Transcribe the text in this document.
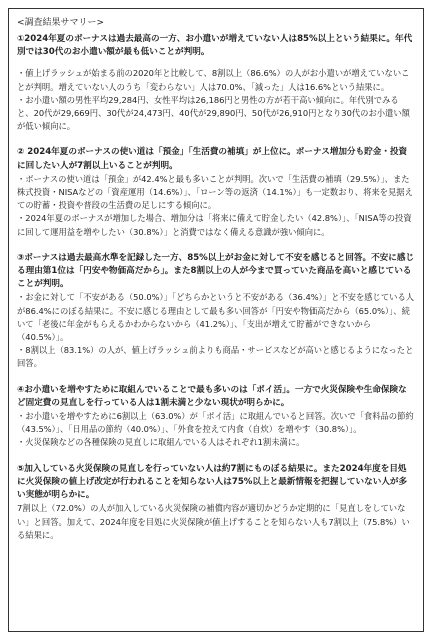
<調査結果サマリー>

①2024年夏のボーナスは過去最高の一方、お小遣いが増えていない人は85%以上という結果に。年代別では30代のお小遣い額が最も低いことが判明。

・値上げラッシュが始まる前の2020年と比較して、8割以上（86.6%）の人がお小遣いが増えていないことが判明。増えていない人のうち「変わらない」人は70.0%、「減った」人は16.6%という結果に。

・お小遣い額の男性平均29,284円、女性平均は26,186円と男性の方が若干高い傾向に。年代別でみると、20代が29,669円、30代が24,473円、40代が29,890円、50代が26,910円となり30代のお小遣い額が低い傾向に。

② 2024年夏のボーナスの使い道は「預金」「生活費の補填」が上位に。ボーナス増加分も貯金・投資に回したい人が7割以上いることが判明。

・ボーナスの使い道は「預金」が42.4%と最も多いことが判明。次いで「生活費の補填（29.5%）」、また株式投資・NISAなどの「資産運用（14.6%）」、「ローン等の返済（14.1%）」も一定数おり、将来を見据えての貯蓄・投資や普段の生活費の足しにする傾向に。

・2024年夏のボーナスが増加した場合、増加分は「将来に備えて貯金したい（42.8%）」、「NISA等の投資に回して運用益を増やしたい（30.8%）」と消費ではなく備える意識が強い傾向に。

③ボーナスは過去最高水準を記録した一方、85%以上がお金に対して不安を感じると回答。不安に感じる理由第1位は「円安や物価高だから」。また8割以上の人が今まで買っていた商品を高いと感じていることが判明。

・お金に対して「不安がある（50.0%）」「どちらかというと不安がある（36.4%）」と不安を感じている人が86.4%にのぼる結果に。不安に感じる理由として最も多い回答が「円安や物価高だから（65.0%）」、続いて「老後に年金がもらえるかわからないから（41.2%）」、「支出が増えて貯蓄ができないから（40.5%）」。

・8割以上（83.1%）の人が、値上げラッシュ前よりも商品・サービスなどが高いと感じるようになったと回答。

④お小遣いを増やすために取組んでいることで最も多いのは「ポイ活」。一方で火災保険や生命保険など固定費の見直しを行っている人は1割未満と少ない現状が明らかに。

・お小遣いを増やすために6割以上（63.0%）が「ポイ活」に取組んでいると回答。次いで「食料品の節約（43.5%）」、「日用品の節約（40.0%）」、「外食を控えて内食（自炊）を増やす（30.8%）」。

・火災保険などの各種保険の見直しに取組んでいる人はそれぞれ1割未満に。

⑤加入している火災保険の見直しを行っていない人は約7割にものぼる結果に。また2024年度を目処に火災保険の値上げ改定が行われることを知らない人は75%以上と最新情報を把握していない人が多い実態が明らかに。

7割以上（72.0%）の人が加入している火災保険の補償内容が適切かどうか定期的に「見直しをしていない」と回答。加えて、2024年度を目処に火災保険が値上げすることを知らない人も7割以上（75.8%）いる結果に。
